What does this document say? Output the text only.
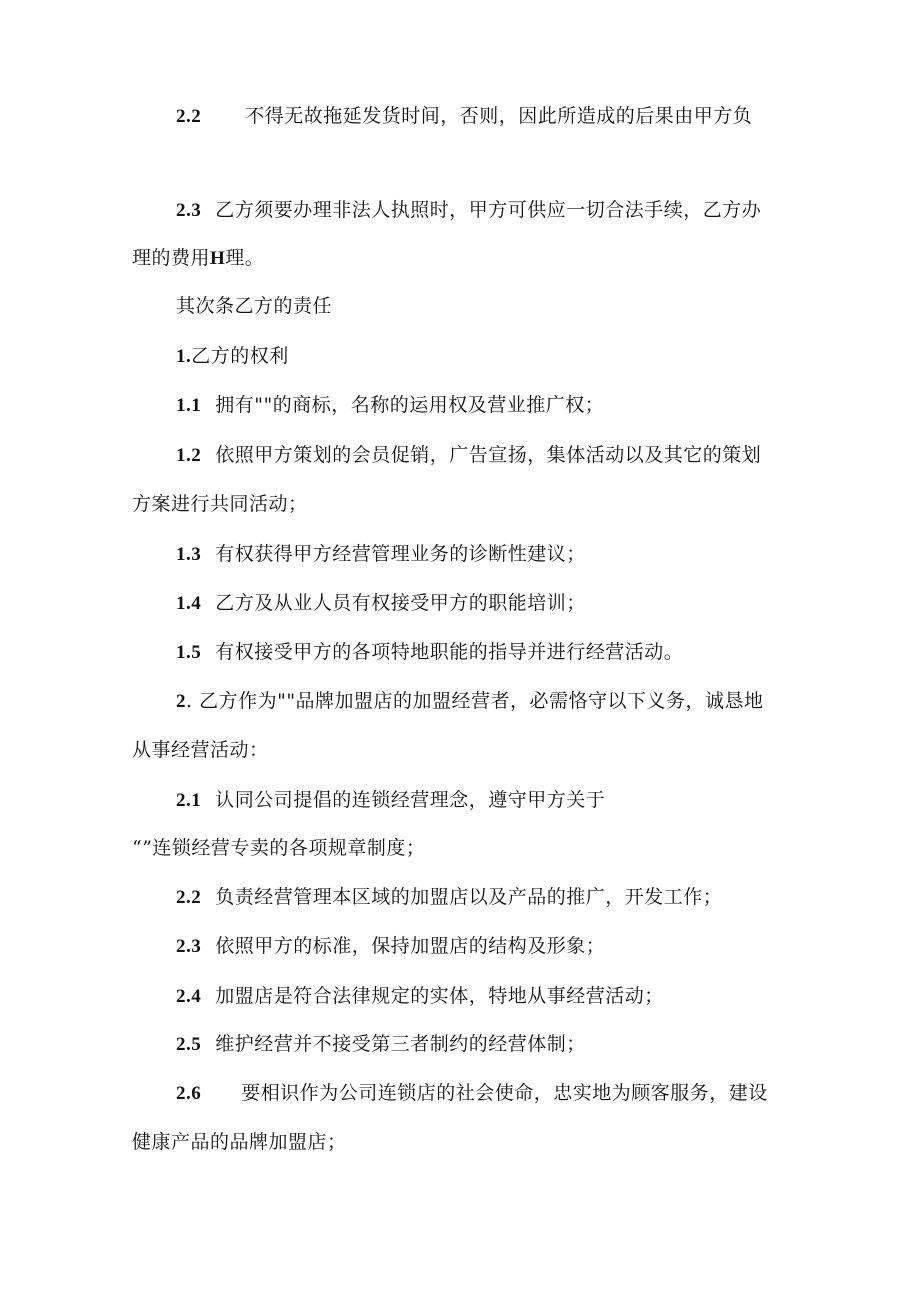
2.2 不得无故拖延发货时间，否则，因此所造成的后果由甲方负
2.3 乙方须要办理非法人执照时，甲方可供应一切合法手续，乙方办
理的费用H理。
其次条乙方的责任
1.乙方的权利
1.1 拥有""的商标，名称的运用权及营业推广权；
1.2 依照甲方策划的会员促销，广告宣扬，集体活动以及其它的策划
方案进行共同活动；
1.3 有权获得甲方经营管理业务的诊断性建议；
1.4 乙方及从业人员有权接受甲方的职能培训；
1.5 有权接受甲方的各项特地职能的指导并进行经营活动。
2. 乙方作为""品牌加盟店的加盟经营者，必需恪守以下义务，诚恳地
从事经营活动：
2.1 认同公司提倡的连锁经营理念，遵守甲方关于
“”连锁经营专卖的各项规章制度；
2.2 负责经营管理本区域的加盟店以及产品的推广，开发工作；
2.3 依照甲方的标准，保持加盟店的结构及形象；
2.4 加盟店是符合法律规定的实体，特地从事经营活动；
2.5 维护经营并不接受第三者制约的经营体制；
2.6 要相识作为公司连锁店的社会使命，忠实地为顾客服务，建设
健康产品的品牌加盟店；
